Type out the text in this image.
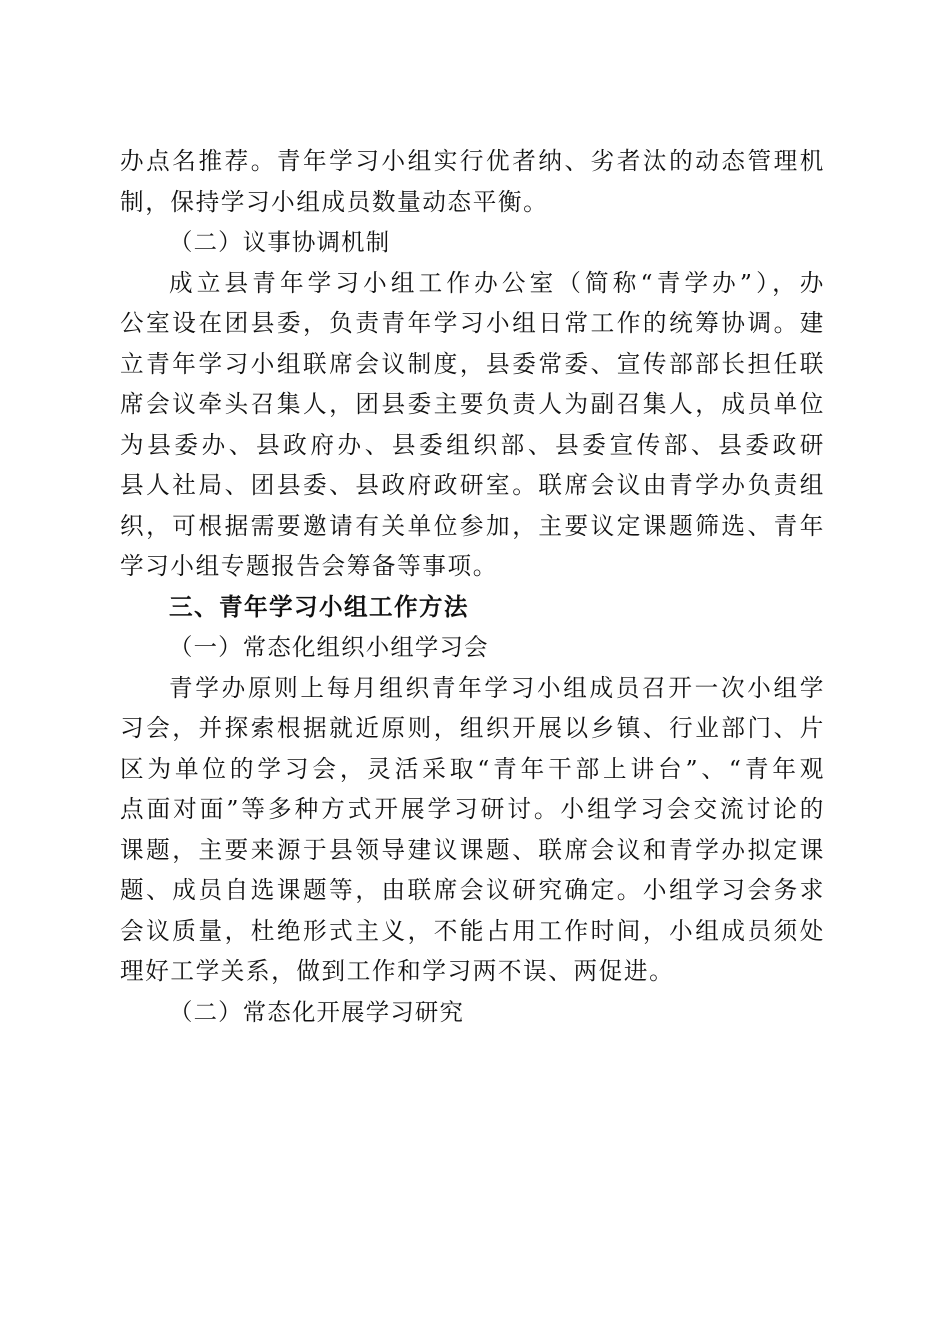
办点名推荐。青年学习小组实行优者纳、劣者汰的动态管理机
制，保持学习小组成员数量动态平衡。
（二）议事协调机制
成立县青年学习小组工作办公室（简称“青学办”），办
公室设在团县委，负责青年学习小组日常工作的统筹协调。建
立青年学习小组联席会议制度，县委常委、宣传部部长担任联
席会议牵头召集人，团县委主要负责人为副召集人，成员单位
为县委办、县政府办、县委组织部、县委宣传部、县委政研
县人社局、团县委、县政府政研室。联席会议由青学办负责组
织，可根据需要邀请有关单位参加，主要议定课题筛选、青年
学习小组专题报告会筹备等事项。
三、青年学习小组工作方法
（一）常态化组织小组学习会
青学办原则上每月组织青年学习小组成员召开一次小组学
习会，并探索根据就近原则，组织开展以乡镇、行业部门、片
区为单位的学习会，灵活采取“青年干部上讲台”、“青年观
点面对面”等多种方式开展学习研讨。小组学习会交流讨论的
课题，主要来源于县领导建议课题、联席会议和青学办拟定课
题、成员自选课题等，由联席会议研究确定。小组学习会务求
会议质量，杜绝形式主义，不能占用工作时间，小组成员须处
理好工学关系，做到工作和学习两不误、两促进。
（二）常态化开展学习研究
